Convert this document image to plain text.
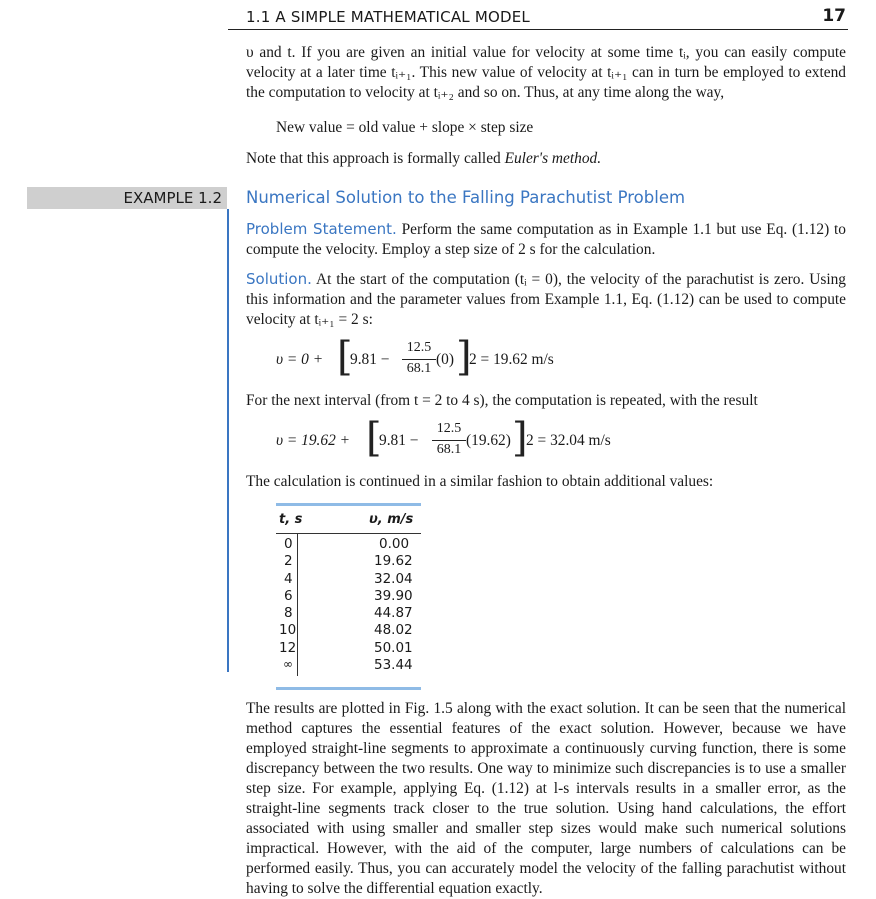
1.1 A SIMPLE MATHEMATICAL MODEL	17
υ and t. If you are given an initial value for velocity at some time tᵢ, you can easily compute velocity at a later time tᵢ₊₁. This new value of velocity at tᵢ₊₁ can in turn be employed to extend the computation to velocity at tᵢ₊₂ and so on. Thus, at any time along the way,
New value = old value + slope × step size
Note that this approach is formally called Euler's method.
EXAMPLE 1.2 Numerical Solution to the Falling Parachutist Problem
Problem Statement. Perform the same computation as in Example 1.1 but use Eq. (1.12) to compute the velocity. Employ a step size of 2 s for the calculation.
Solution. At the start of the computation (tᵢ = 0), the velocity of the parachutist is zero. Using this information and the parameter values from Example 1.1, Eq. (1.12) can be used to compute velocity at tᵢ₊₁ = 2 s:
υ = 0 + [
9.81 −
12.5
68.1
(0) ]
2 = 19.62 m/s
For the next interval (from t = 2 to 4 s), the computation is repeated, with the result
υ = 19.62 + [
9.81 −
12.5
68.1
(19.62) ]
2 = 32.04 m/s
The calculation is continued in a similar fashion to obtain additional values:
t, s	υ, m/s
0	0.00
2	19.62
4	32.04
6	39.90
8	44.87
10	48.02
12	50.01
∞	53.44
The results are plotted in Fig. 1.5 along with the exact solution. It can be seen that the numerical method captures the essential features of the exact solution. However, because we have employed straight-line segments to approximate a continuously curving function, there is some discrepancy between the two results. One way to minimize such discrepancies is to use a smaller step size. For example, applying Eq. (1.12) at l-s intervals results in a smaller error, as the straight-line segments track closer to the true solution. Using hand calculations, the effort associated with using smaller and smaller step sizes would make such numerical solutions impractical. However, with the aid of the computer, large numbers of calculations can be performed easily. Thus, you can accurately model the velocity of the falling parachutist without having to solve the differential equation exactly.
